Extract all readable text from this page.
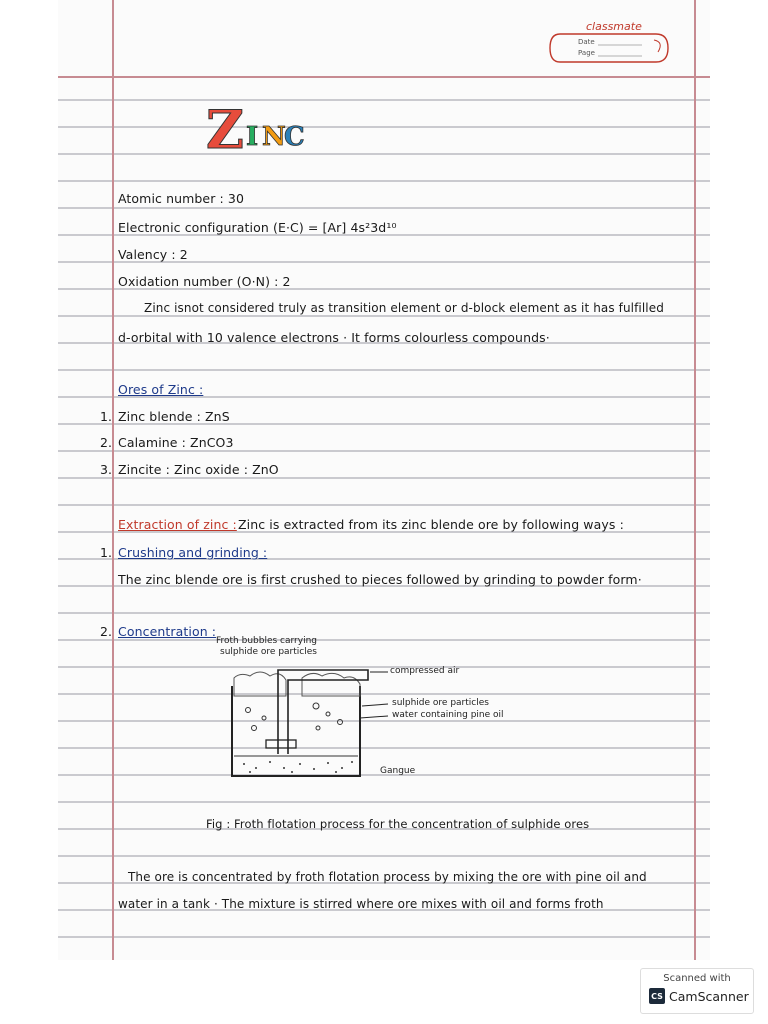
classmate
Date
Page
Z I N
C
Atomic number : 30
Electronic configuration (E·C) = [Ar] 4s²3d¹⁰
Valency : 2
Oxidation number (O·N) : 2
Zinc isnot considered truly as transition element or d-block element as it has fulfilled
d-orbital with 10 valence electrons · It forms colourless compounds·
Ores of Zinc :
1. Zinc blende : ZnS
2. Calamine : ZnCO3
3. Zincite : Zinc oxide : ZnO
Extraction of zinc : Zinc is extracted from its zinc blende ore by following ways :
1. Crushing and grinding :
The zinc blende ore is first crushed to pieces followed by grinding to powder form·
2. Concentration :
Froth bubbles carrying
sulphide ore particles
compressed air
sulphide ore particles
water containing pine oil
Gangue
Fig : Froth flotation process for the concentration of sulphide ores
The ore is concentrated by froth flotation process by mixing the ore with pine oil and
water in a tank · The mixture is stirred where ore mixes with oil and forms froth
Scanned with
CS CamScanner
